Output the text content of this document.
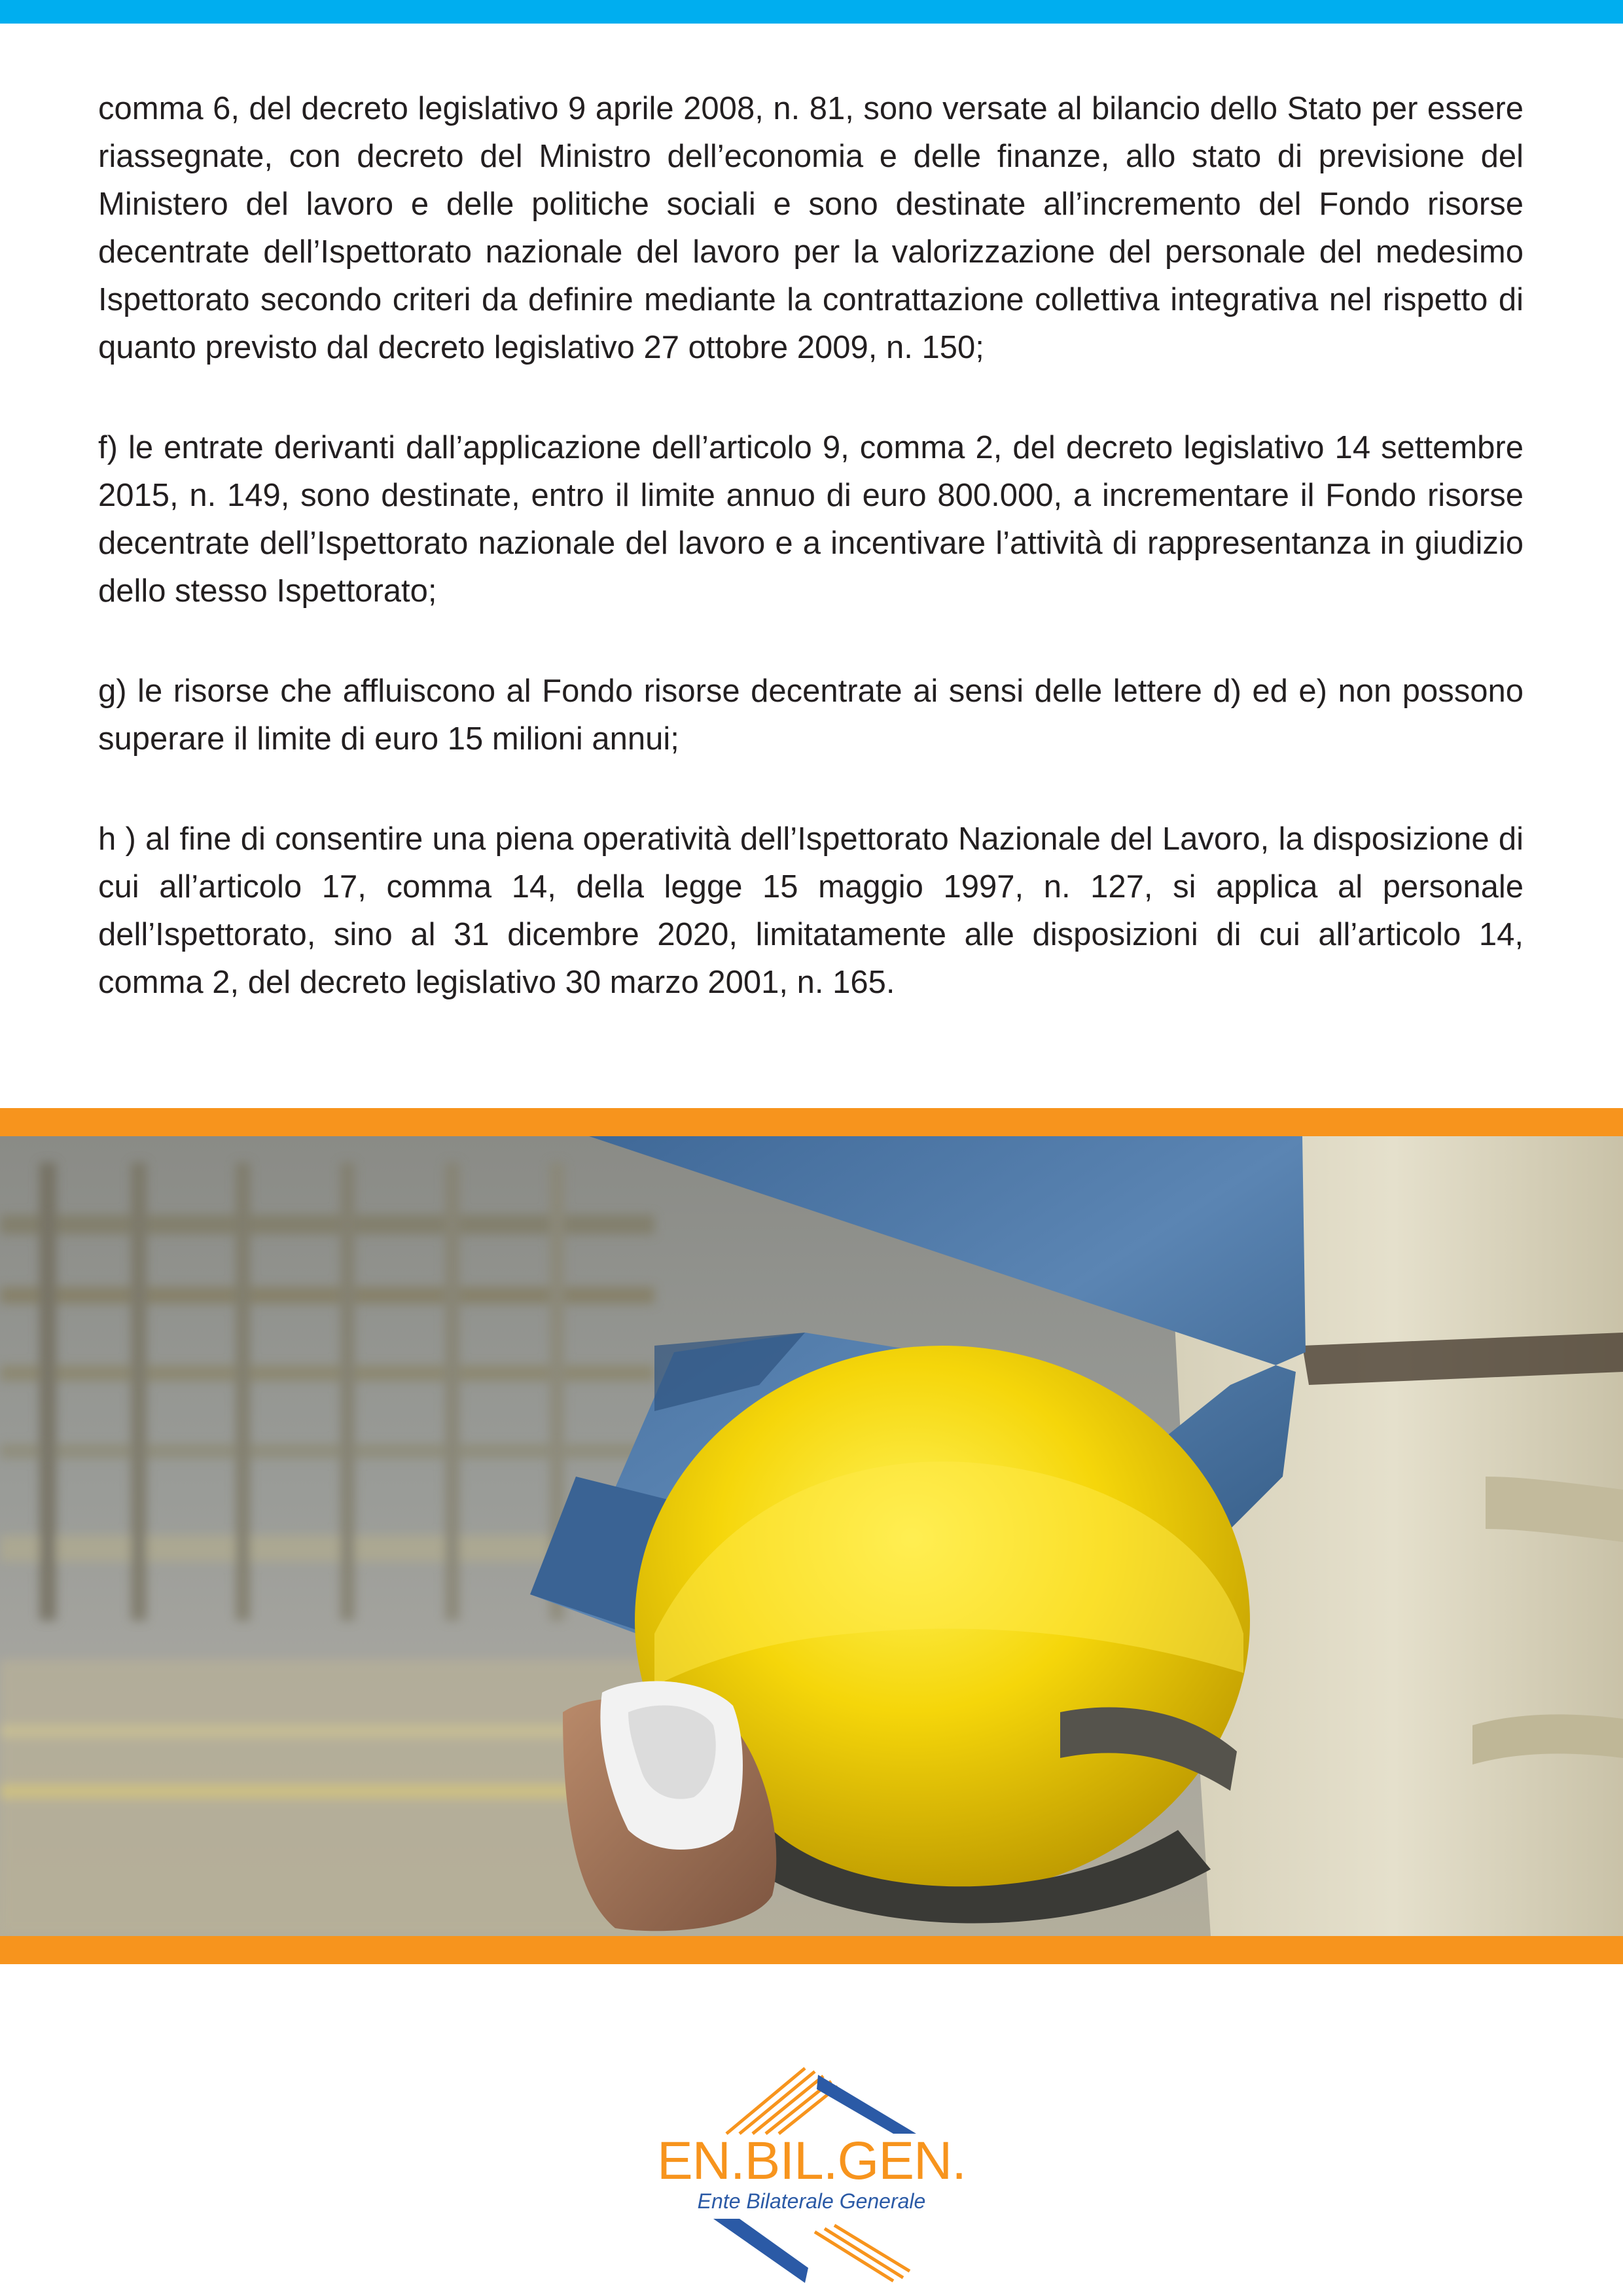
comma 6, del decreto legislativo 9 aprile 2008, n. 81, sono versate al bilancio dello Stato per essere riassegnate, con decreto del Ministro dell’economia e delle finanze, allo stato di previsione del Ministero del lavoro e delle politiche sociali e sono destinate all’incremento del Fondo risorse decentrate dell’Ispettorato nazionale del lavoro per la valorizzazione del personale del medesimo Ispettorato secondo criteri da definire mediante la contrattazione collettiva integrativa nel rispetto di quanto previsto dal decreto legislativo 27 ottobre 2009, n. 150;

f) le entrate derivanti dall’applicazione dell’articolo 9, comma 2, del decreto legislativo 14 settembre 2015, n. 149, sono destinate, entro il limite annuo di euro 800.000, a incrementare il Fondo risorse decentrate dell’Ispettorato nazionale del lavoro e a incentivare l’attività di rappresentanza in giudizio dello stesso Ispettorato;

g) le risorse che affluiscono al Fondo risorse decentrate ai sensi delle lettere d) ed e) non possono superare il limite di euro 15 milioni annui;

h ) al fine di consentire una piena operatività dell’Ispettorato Nazionale del Lavoro, la disposizione di cui all’articolo 17, comma 14, della legge 15 maggio 1997, n. 127, si applica al personale dell’Ispettorato, sino al 31 dicembre 2020, limitatamente alle disposizioni di cui all’articolo 14, comma 2, del decreto legislativo 30 marzo 2001, n. 165.

EN.BIL.GEN.
Ente Bilaterale Generale
